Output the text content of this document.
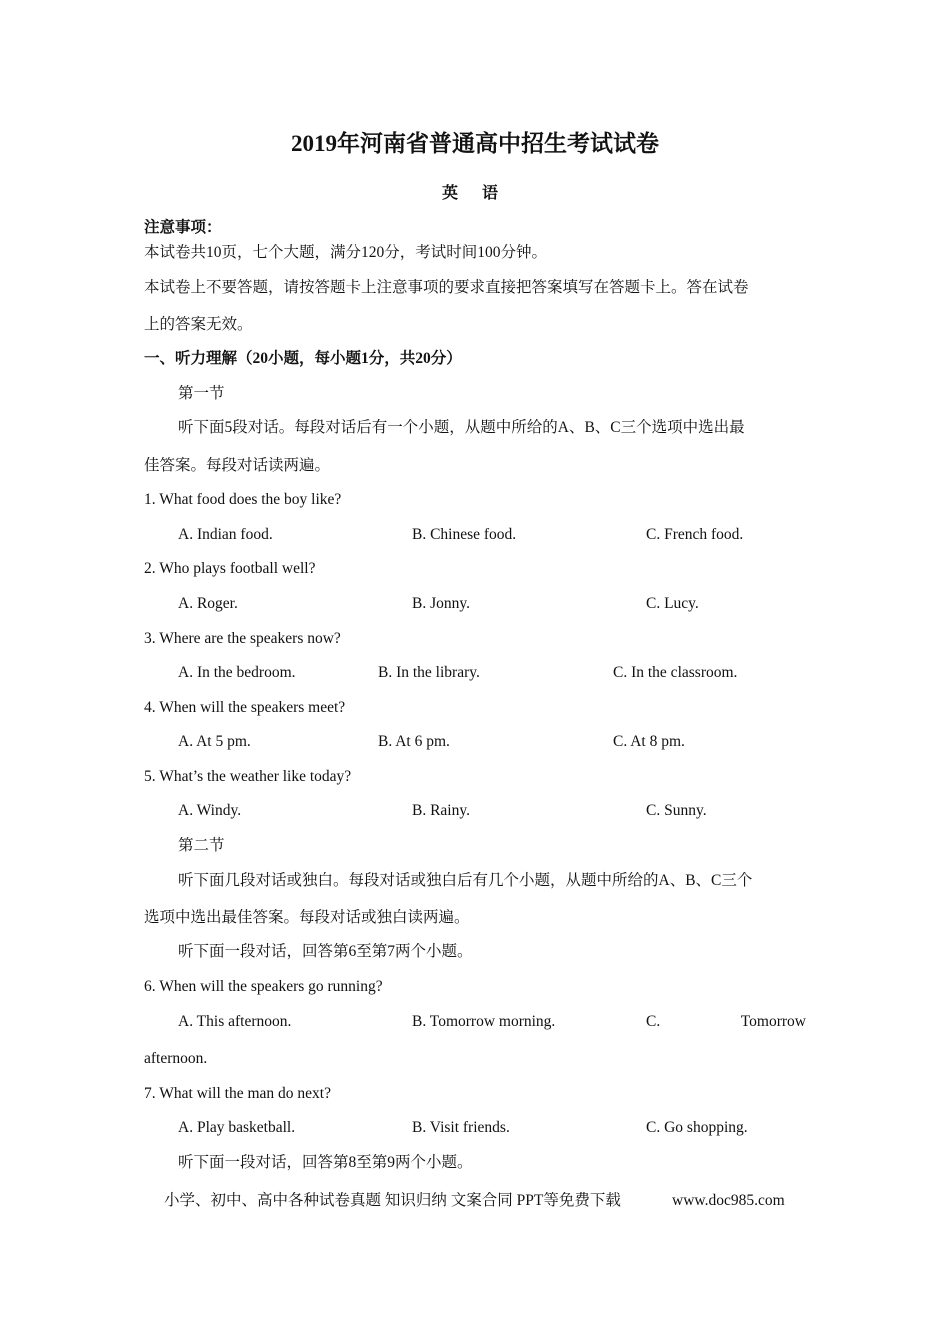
2019年河南省普通高中招生考试试卷
英 语
注意事项：
本试卷共10页，七个大题，满分120分，考试时间100分钟。
本试卷上不要答题，请按答题卡上注意事项的要求直接把答案填写在答题卡上。答在试卷
上的答案无效。
一、听力理解（20小题，每小题1分，共20分）
第一节
听下面5段对话。每段对话后有一个小题，从题中所给的A、B、C三个选项中选出最
佳答案。每段对话读两遍。
1. What food does the boy like?
A. Indian food.	B. Chinese food.	C. French food.
2. Who plays football well?
A. Roger.	B. Jonny.	C. Lucy.
3. Where are the speakers now?
A. In the bedroom.	B. In the library.	C. In the classroom.
4. When will the speakers meet?
A. At 5 pm.	B. At 6 pm.	C. At 8 pm.
5. What’s the weather like today?
A. Windy.	B. Rainy.	C. Sunny.
第二节
听下面几段对话或独白。每段对话或独白后有几个小题，从题中所给的A、B、C三个
选项中选出最佳答案。每段对话或独白读两遍。
听下面一段对话，回答第6至第7两个小题。
6. When will the speakers go running?
A. This afternoon.	B. Tomorrow morning.	C.	Tomorrow
afternoon.
7. What will the man do next?
A. Play basketball.	B. Visit friends.	C. Go shopping.
听下面一段对话，回答第8至第9两个小题。
小学、初中、高中各种试卷真题 知识归纳 文案合同 PPT等免费下载	www.doc985.com
